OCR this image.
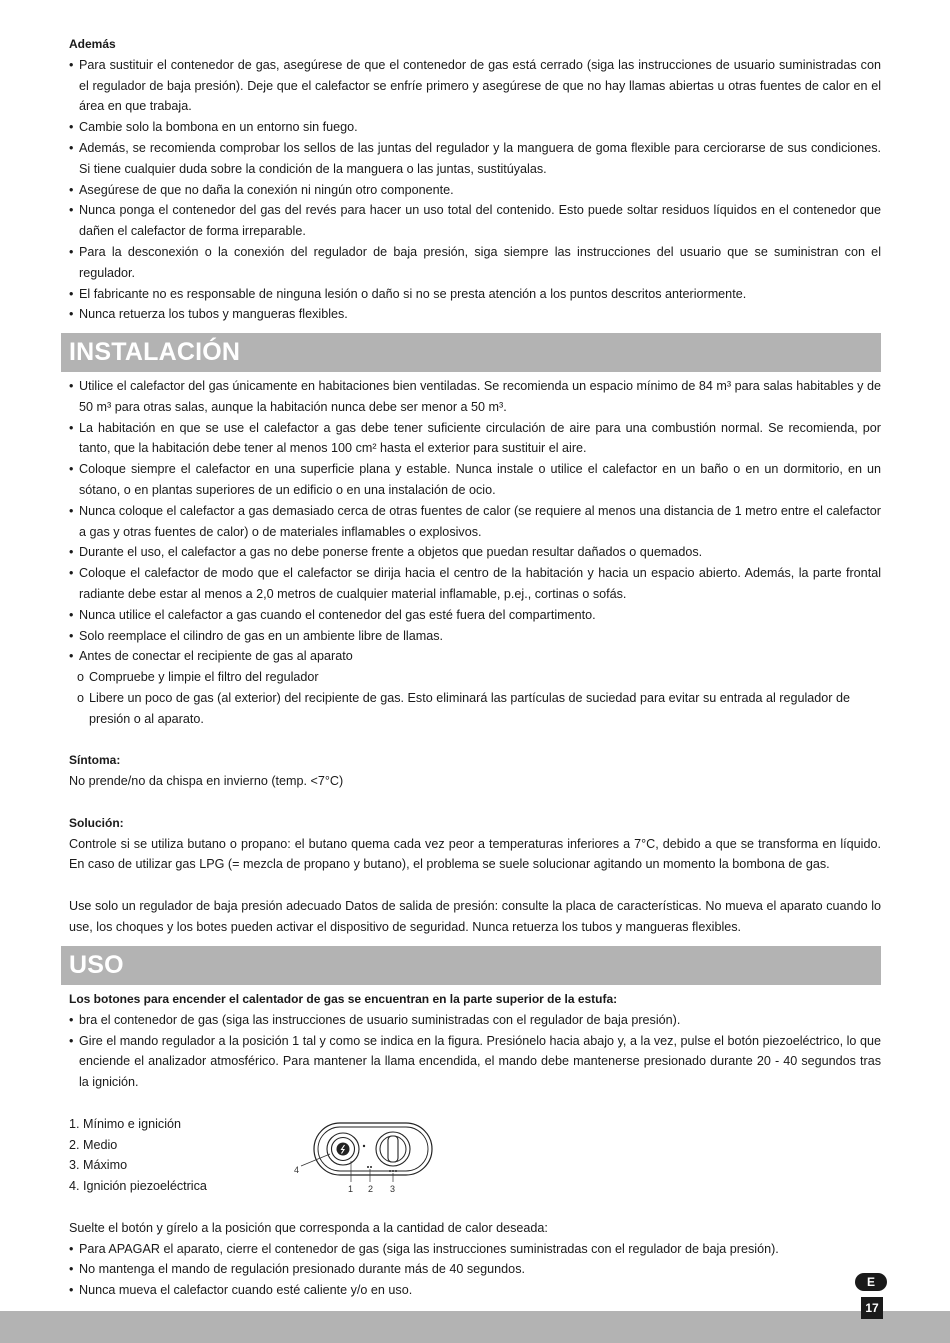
Además
• Para sustituir el contenedor de gas, asegúrese de que el contenedor de gas está cerrado (siga las instrucciones de usuario suministradas con el regulador de baja presión). Deje que el calefactor se enfríe primero y asegúrese de que no hay llamas abiertas u otras fuentes de calor en el área en que trabaja.
• Cambie solo la bombona en un entorno sin fuego.
• Además, se recomienda comprobar los sellos de las juntas del regulador y la manguera de goma flexible para cerciorarse de sus condiciones. Si tiene cualquier duda sobre la condición de la manguera o las juntas, sustitúyalas.
• Asegúrese de que no daña la conexión ni ningún otro componente.
• Nunca ponga el contenedor del gas del revés para hacer un uso total del contenido. Esto puede soltar residuos líquidos en el contenedor que dañen el calefactor de forma irreparable.
• Para la desconexión o la conexión del regulador de baja presión, siga siempre las instrucciones del usuario que se suministran con el regulador.
• El fabricante no es responsable de ninguna lesión o daño si no se presta atención a los puntos descritos anteriormente.
• Nunca retuerza los tubos y mangueras flexibles.
INSTALACIÓN
• Utilice el calefactor del gas únicamente en habitaciones bien ventiladas. Se recomienda un espacio mínimo de 84 m³ para salas habitables y de 50 m³ para otras salas, aunque la habitación nunca debe ser menor a 50 m³.
• La habitación en que se use el calefactor a gas debe tener suficiente circulación de aire para una combustión normal. Se recomienda, por tanto, que la habitación debe tener al menos 100 cm² hasta el exterior para sustituir el aire.
• Coloque siempre el calefactor en una superficie plana y estable. Nunca instale o utilice el calefactor en un baño o en un dormitorio, en un sótano, o en plantas superiores de un edificio o en una instalación de ocio.
• Nunca coloque el calefactor a gas demasiado cerca de otras fuentes de calor (se requiere al menos una distancia de 1 metro entre el calefactor a gas y otras fuentes de calor) o de materiales inflamables o explosivos.
• Durante el uso, el calefactor a gas no debe ponerse frente a objetos que puedan resultar dañados o quemados.
• Coloque el calefactor de modo que el calefactor se dirija hacia el centro de la habitación y hacia un espacio abierto. Además, la parte frontal radiante debe estar al menos a 2,0 metros de cualquier material inflamable, p.ej., cortinas o sofás.
• Nunca utilice el calefactor a gas cuando el contenedor del gas esté fuera del compartimento.
• Solo reemplace el cilindro de gas en un ambiente libre de llamas.
• Antes de conectar el recipiente de gas al aparato
o Compruebe y limpie el filtro del regulador
o Libere un poco de gas (al exterior) del recipiente de gas. Esto eliminará las partículas de suciedad para evitar su entrada al regulador de presión o al aparato.
Síntoma:
No prende/no da chispa en invierno (temp. <7°C)
Solución:
Controle si se utiliza butano o propano: el butano quema cada vez peor a temperaturas inferiores a 7°C, debido a que se transforma en líquido. En caso de utilizar gas LPG (= mezcla de propano y butano), el problema se suele solucionar agitando un momento la bombona de gas.
Use solo un regulador de baja presión adecuado Datos de salida de presión: consulte la placa de características. No mueva el aparato cuando lo use, los choques y los botes pueden activar el dispositivo de seguridad. Nunca retuerza los tubos y mangueras flexibles.
USO
Los botones para encender el calentador de gas se encuentran en la parte superior de la estufa:
• bra el contenedor de gas (siga las instrucciones de usuario suministradas con el regulador de baja presión).
• Gire el mando regulador a la posición 1 tal y como se indica en la figura. Presiónelo hacia abajo y, a la vez, pulse el botón piezoeléctrico, lo que enciende el analizador atmosférico. Para mantener la llama encendida, el mando debe mantenerse presionado durante 20 - 40 segundos tras la ignición.
1. Mínimo e ignición
2. Medio
3. Máximo
4. Ignición piezoeléctrica
Suelte el botón y gírelo a la posición que corresponda a la cantidad de calor deseada:
• Para APAGAR el aparato, cierre el contenedor de gas (siga las instrucciones suministradas con el regulador de baja presión).
• No mantenga el mando de regulación presionado durante más de 40 segundos.
• Nunca mueva el calefactor cuando esté caliente y/o en uso.
4
1 2 3
E
17
